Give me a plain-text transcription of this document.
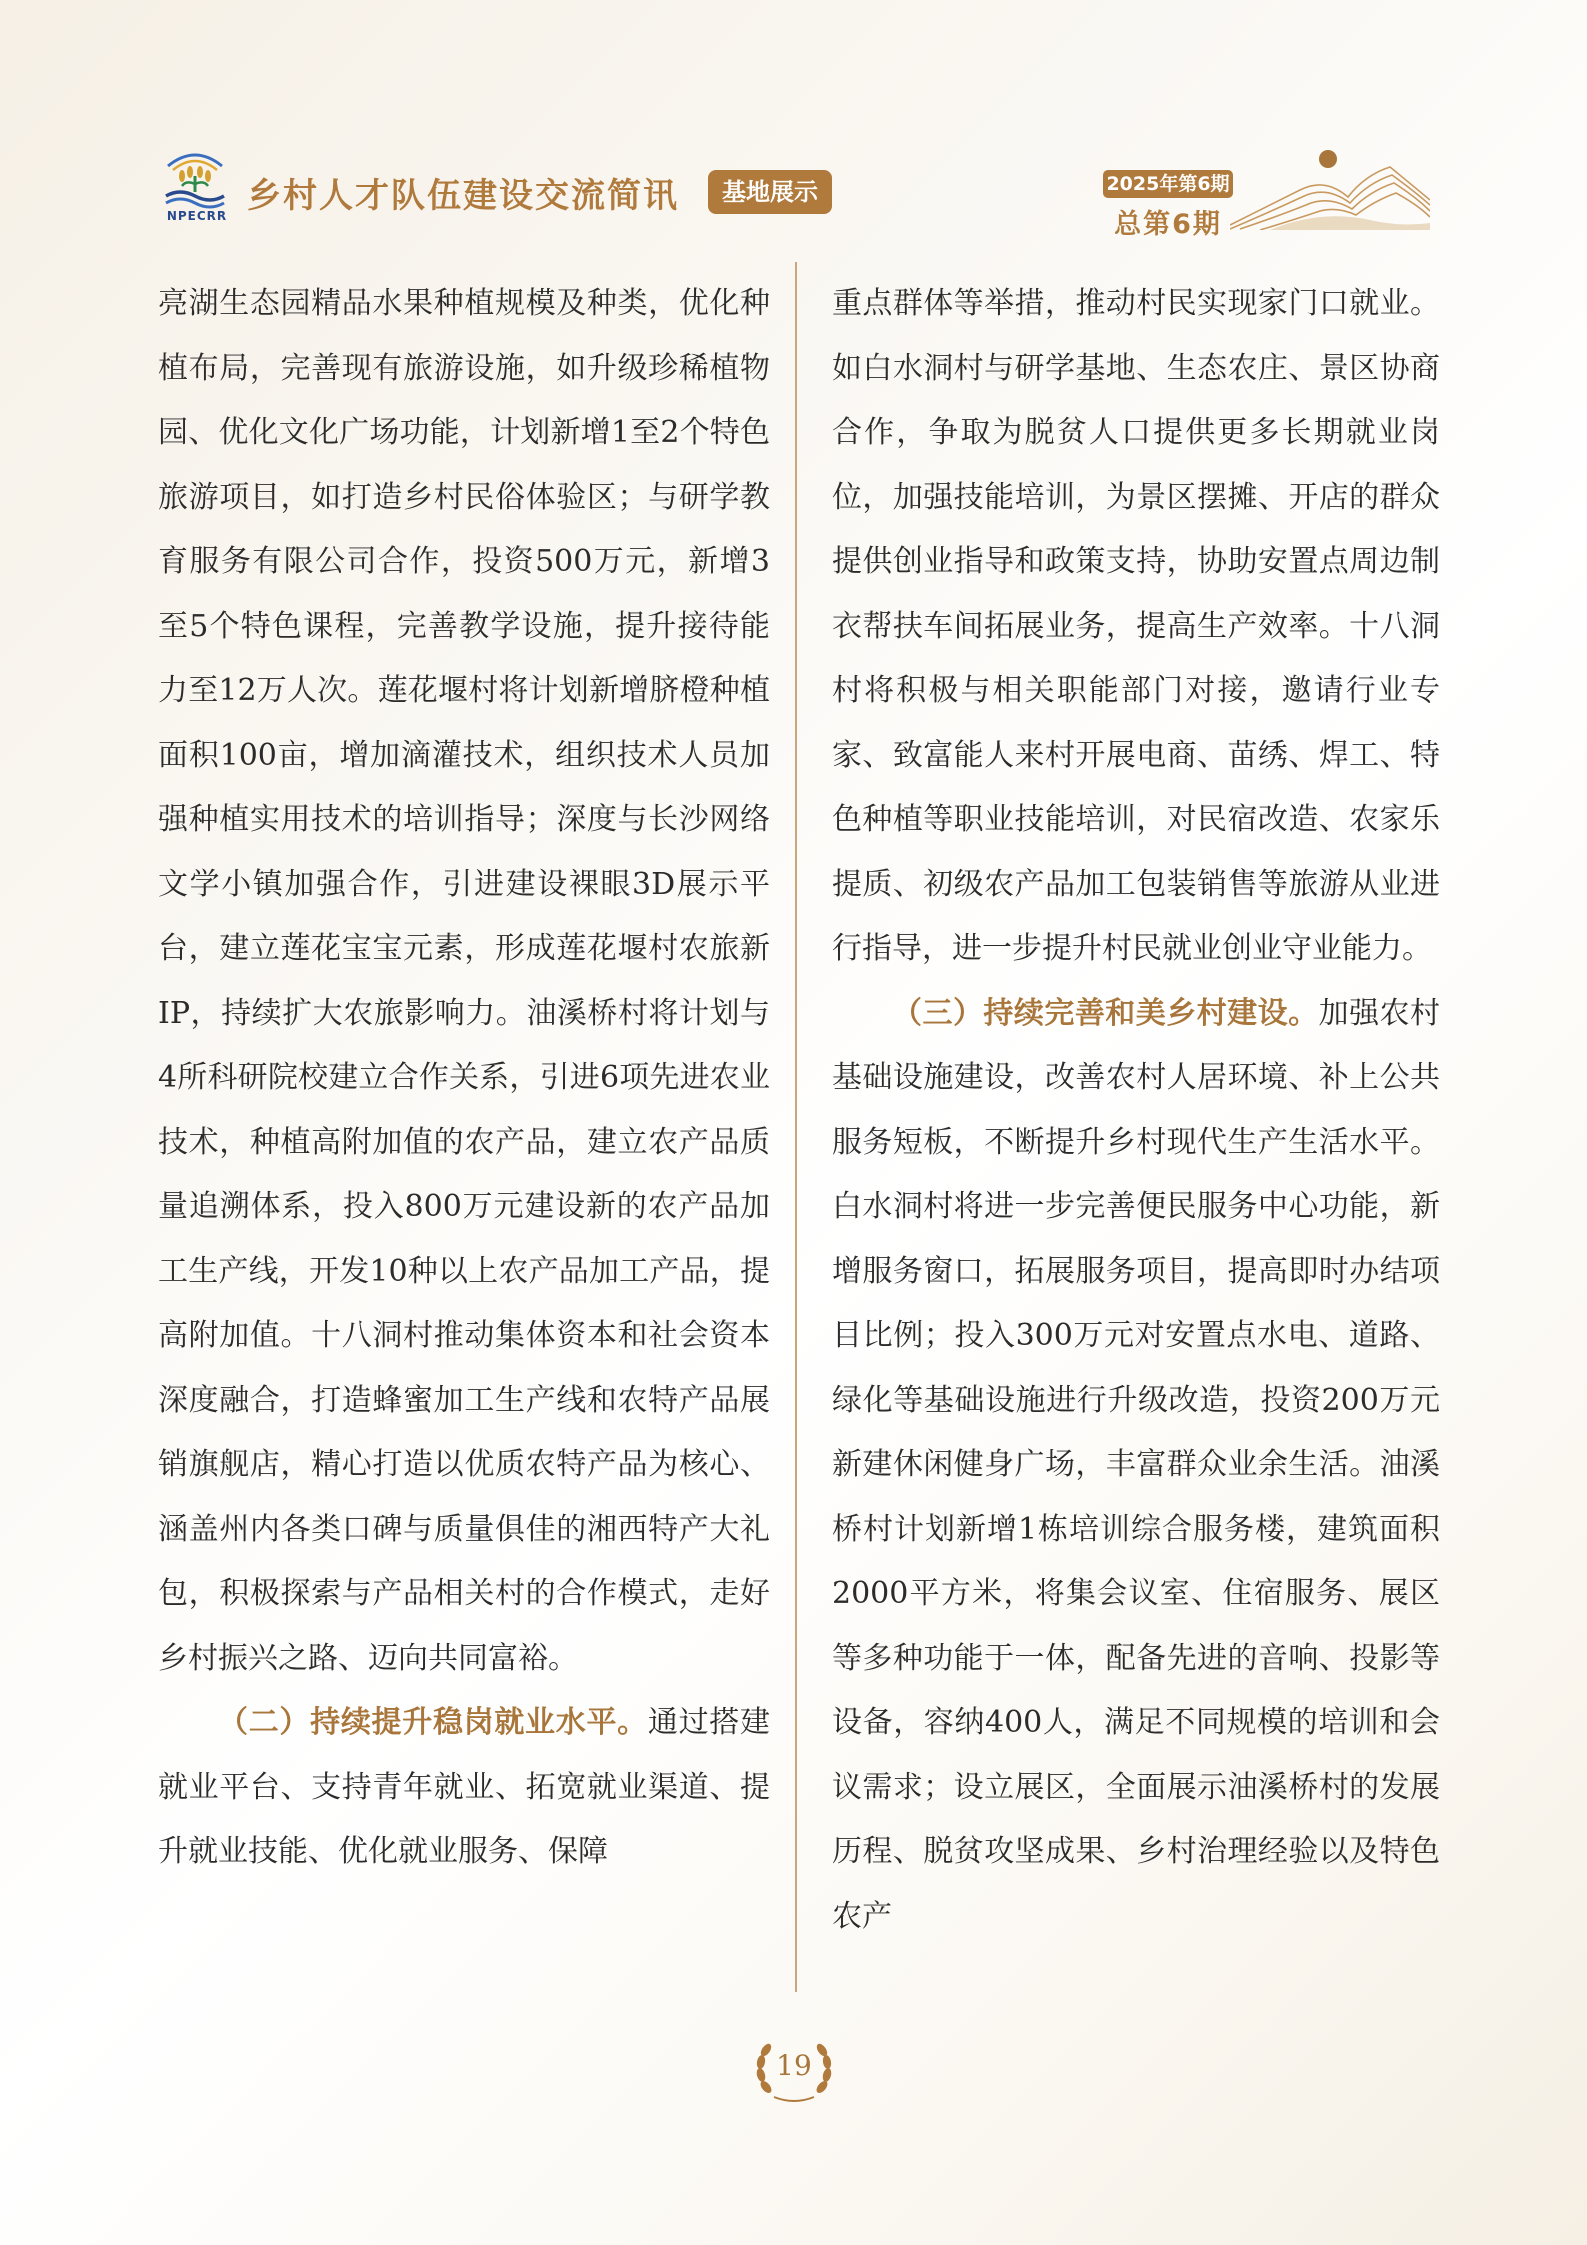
NPECRR 乡村人才队伍建设交流简讯	基地展示	2025年第6期
总第6期

亮湖生态园精品水果种植规模及种类，优化种植布局，完善现有旅游设施，如升级珍稀植物园、优化文化广场功能，计划新增1至2个特色旅游项目，如打造乡村民俗体验区；与研学教育服务有限公司合作，投资500万元，新增3至5个特色课程，完善教学设施，提升接待能力至12万人次。莲花堰村将计划新增脐橙种植面积100亩，增加滴灌技术，组织技术人员加强种植实用技术的培训指导；深度与长沙网络文学小镇加强合作，引进建设裸眼3D展示平台，建立莲花宝宝元素，形成莲花堰村农旅新IP，持续扩大农旅影响力。油溪桥村将计划与4所科研院校建立合作关系，引进6项先进农业技术，种植高附加值的农产品，建立农产品质量追溯体系，投入800万元建设新的农产品加工生产线，开发10种以上农产品加工产品，提高附加值。十八洞村推动集体资本和社会资本深度融合，打造蜂蜜加工生产线和农特产品展销旗舰店，精心打造以优质农特产品为核心、涵盖州内各类口碑与质量俱佳的湘西特产大礼包，积极探索与产品相关村的合作模式，走好乡村振兴之路、迈向共同富裕。

（二）持续提升稳岗就业水平。通过搭建就业平台、支持青年就业、拓宽就业渠道、提升就业技能、优化就业服务、保障

重点群体等举措，推动村民实现家门口就业。如白水洞村与研学基地、生态农庄、景区协商合作，争取为脱贫人口提供更多长期就业岗位，加强技能培训，为景区摆摊、开店的群众提供创业指导和政策支持，协助安置点周边制衣帮扶车间拓展业务，提高生产效率。十八洞村将积极与相关职能部门对接，邀请行业专家、致富能人来村开展电商、苗绣、焊工、特色种植等职业技能培训，对民宿改造、农家乐提质、初级农产品加工包装销售等旅游从业进行指导，进一步提升村民就业创业守业能力。

（三）持续完善和美乡村建设。加强农村基础设施建设，改善农村人居环境、补上公共服务短板，不断提升乡村现代生产生活水平。白水洞村将进一步完善便民服务中心功能，新增服务窗口，拓展服务项目，提高即时办结项目比例；投入300万元对安置点水电、道路、绿化等基础设施进行升级改造，投资200万元新建休闲健身广场，丰富群众业余生活。油溪桥村计划新增1栋培训综合服务楼，建筑面积2000平方米，将集会议室、住宿服务、展区等多种功能于一体，配备先进的音响、投影等设备，容纳400人，满足不同规模的培训和会议需求；设立展区，全面展示油溪桥村的发展历程、脱贫攻坚成果、乡村治理经验以及特色农产

19
